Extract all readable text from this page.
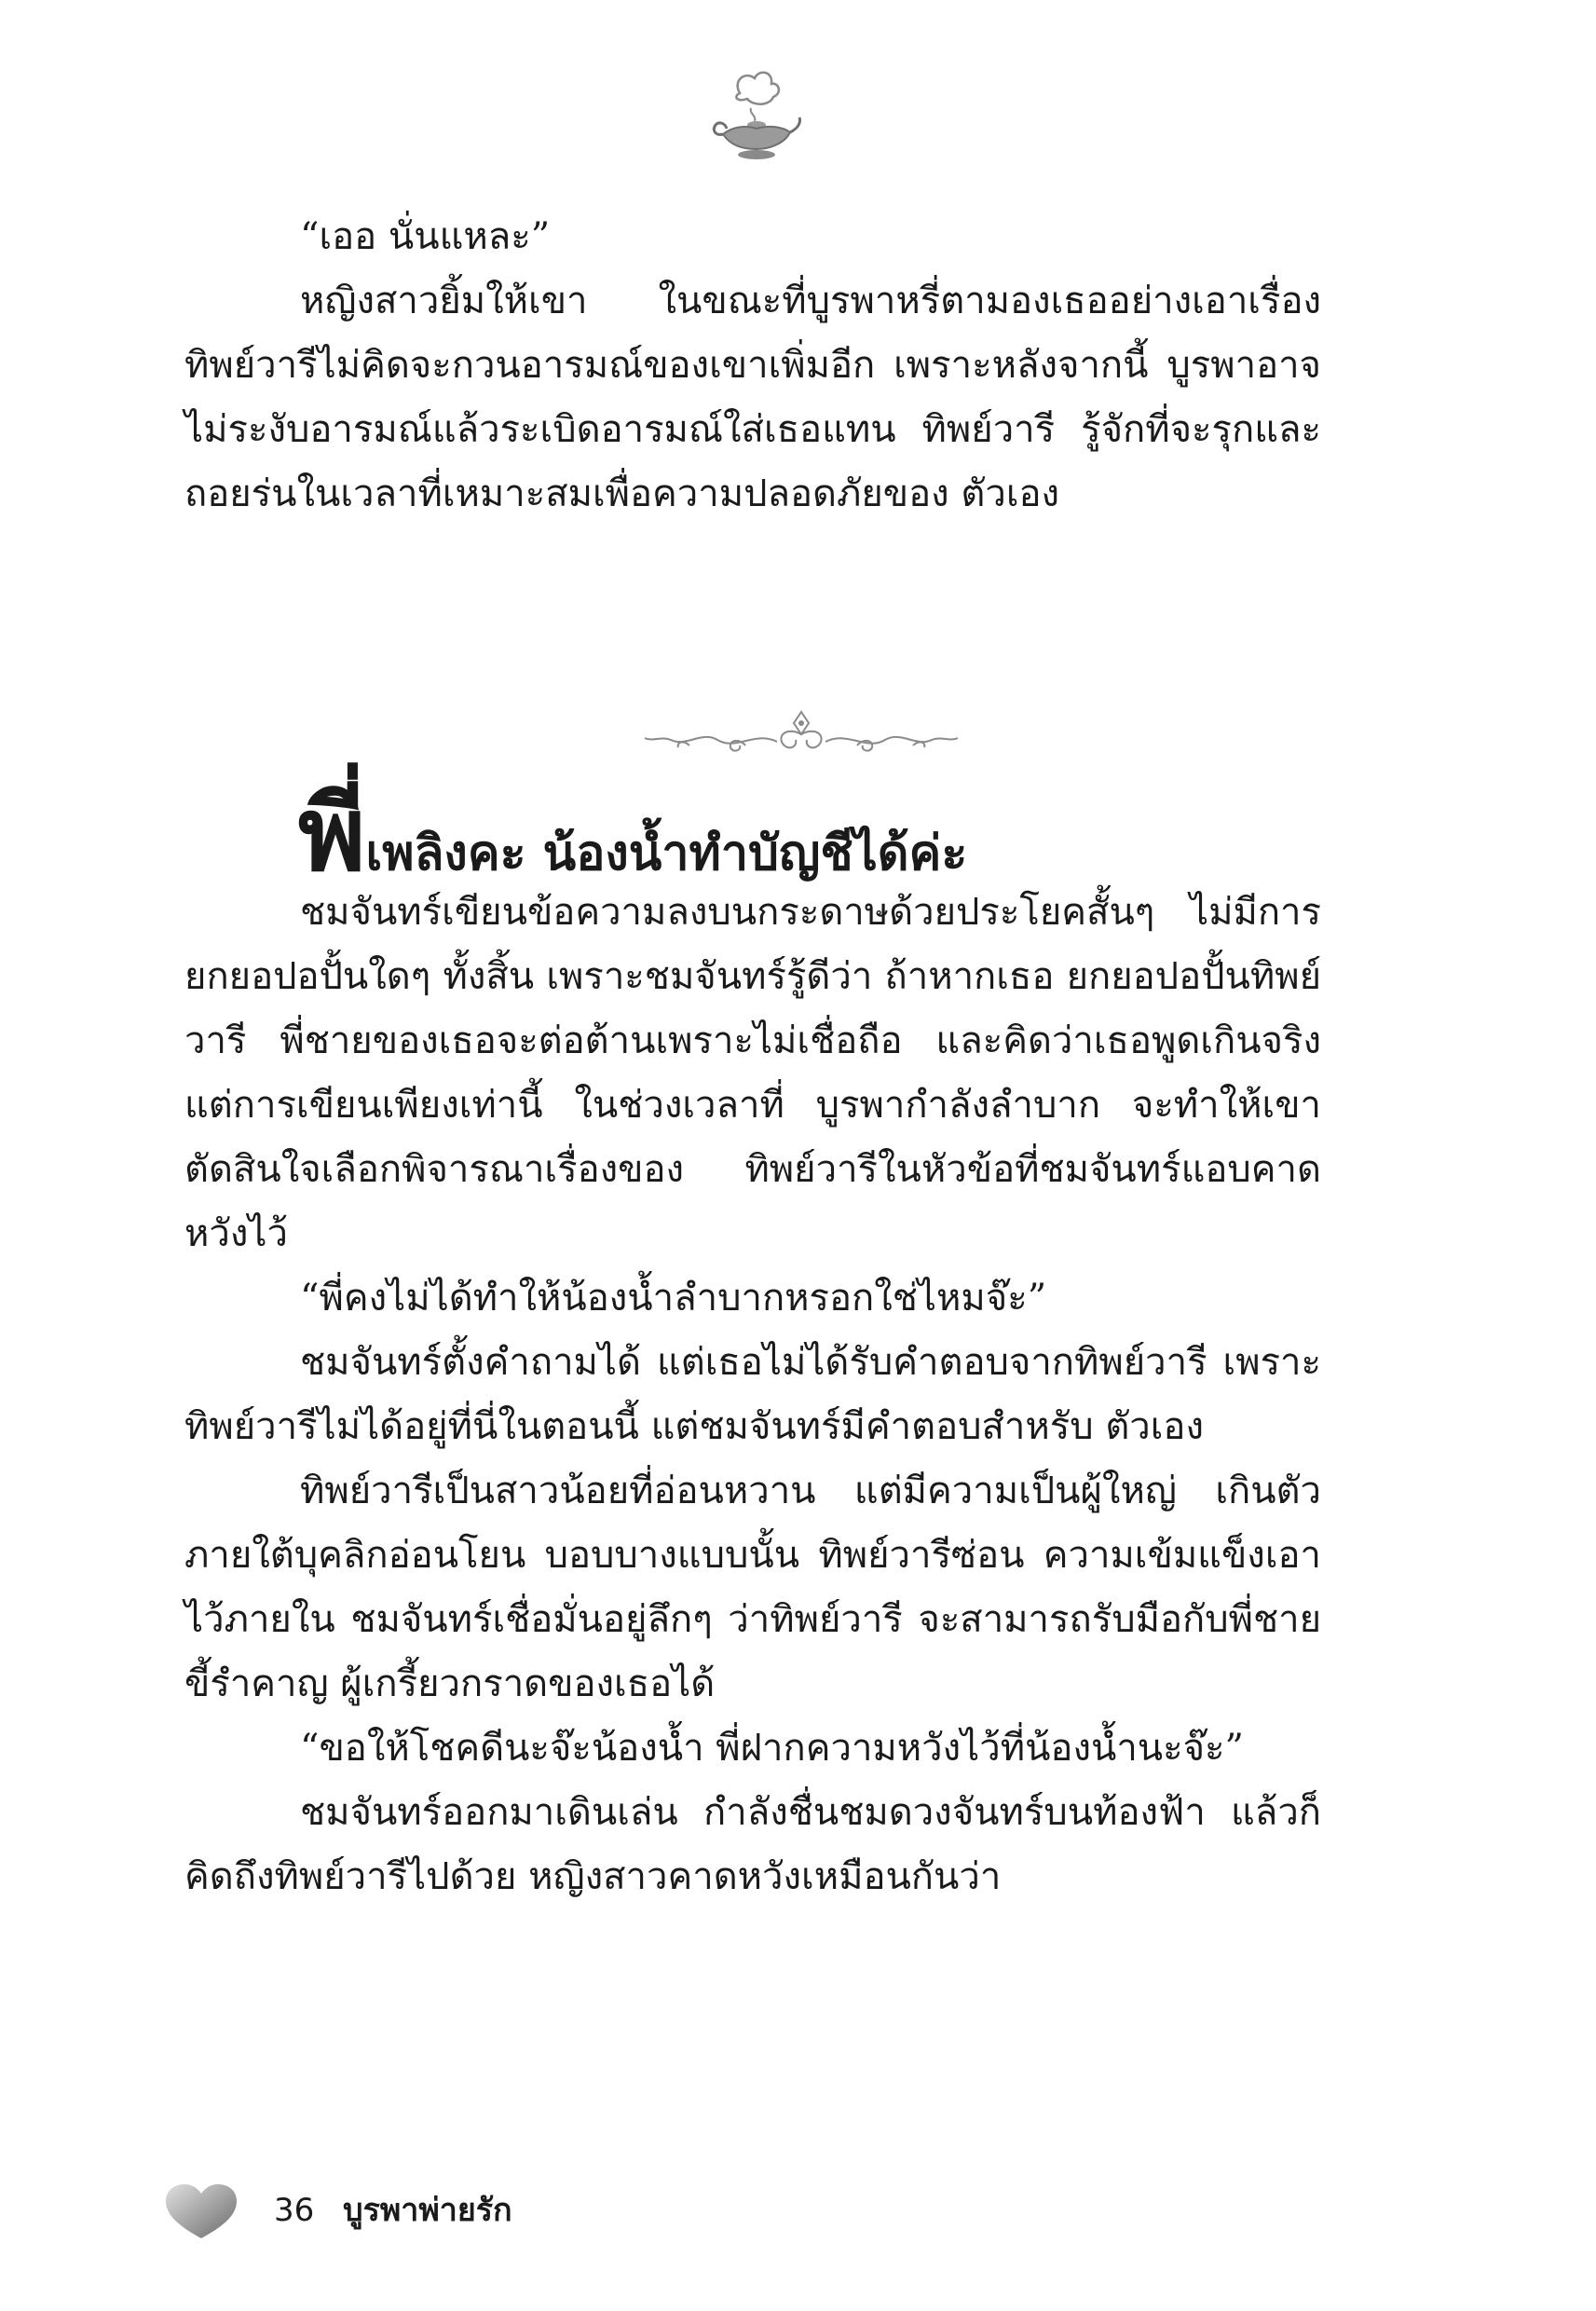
“เออ นั่นแหละ”

หญิงสาวยิ้มให้เขา ในขณะที่บูรพาหรี่ตามองเธออย่างเอาเรื่อง ทิพย์วารีไม่คิดจะกวนอารมณ์ของเขาเพิ่มอีก เพราะหลังจากนี้ บูรพาอาจไม่ระงับอารมณ์แล้วระเบิดอารมณ์ใส่เธอแทน ทิพย์วารี รู้จักที่จะรุกและถอยร่นในเวลาที่เหมาะสมเพื่อความปลอดภัยของ ตัวเอง

พี่เพลิงคะ น้องน้ำทำบัญชีได้ค่ะ

ชมจันทร์เขียนข้อความลงบนกระดาษด้วยประโยคสั้นๆ ไม่มีการยกยอปอปั้นใดๆ ทั้งสิ้น เพราะชมจันทร์รู้ดีว่า ถ้าหากเธอ ยกยอปอปั้นทิพย์วารี พี่ชายของเธอจะต่อต้านเพราะไม่เชื่อถือ และคิดว่าเธอพูดเกินจริง แต่การเขียนเพียงเท่านี้ ในช่วงเวลาที่ บูรพากำลังลำบาก จะทำให้เขาตัดสินใจเลือกพิจารณาเรื่องของ ทิพย์วารีในหัวข้อที่ชมจันทร์แอบคาดหวังไว้

“พี่คงไม่ได้ทำให้น้องน้ำลำบากหรอกใช่ไหมจ๊ะ”

ชมจันทร์ตั้งคำถามได้ แต่เธอไม่ได้รับคำตอบจากทิพย์วารี เพราะทิพย์วารีไม่ได้อยู่ที่นี่ในตอนนี้ แต่ชมจันทร์มีคำตอบสำหรับ ตัวเอง

ทิพย์วารีเป็นสาวน้อยที่อ่อนหวาน แต่มีความเป็นผู้ใหญ่ เกินตัว ภายใต้บุคลิกอ่อนโยน บอบบางแบบนั้น ทิพย์วารีซ่อน ความเข้มแข็งเอาไว้ภายใน ชมจันทร์เชื่อมั่นอยู่ลึกๆ ว่าทิพย์วารี จะสามารถรับมือกับพี่ชายขี้รำคาญ ผู้เกรี้ยวกราดของเธอได้

“ขอให้โชคดีนะจ๊ะน้องน้ำ พี่ฝากความหวังไว้ที่น้องน้ำนะจ๊ะ”

ชมจันทร์ออกมาเดินเล่น กำลังชื่นชมดวงจันทร์บนท้องฟ้า แล้วก็คิดถึงทิพย์วารีไปด้วย หญิงสาวคาดหวังเหมือนกันว่า

36 บูรพาพ่ายรัก
